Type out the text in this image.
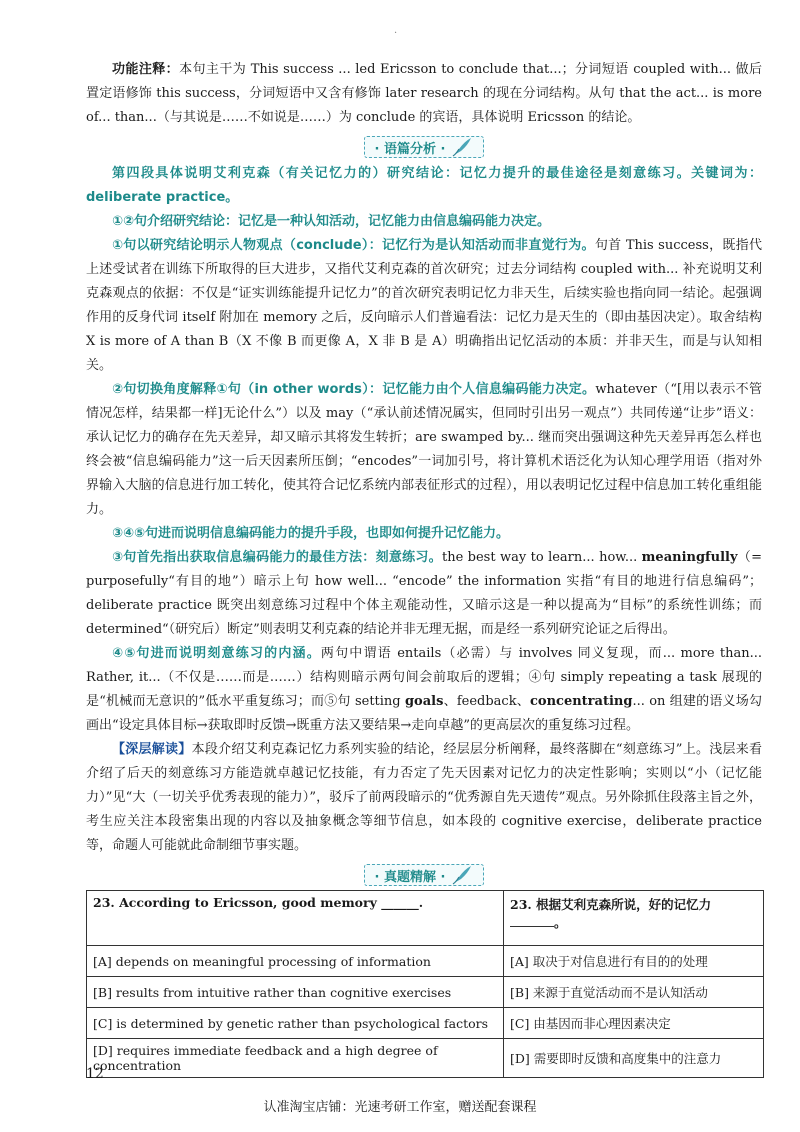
·

功能注释：本句主干为 This success ... led Ericsson to conclude that...；分词短语 coupled with... 做后置定语修饰 this success，分词短语中又含有修饰 later research 的现在分词结构。从句 that the act... is more of... than...（与其说是……不如说是……）为 conclude 的宾语，具体说明 Ericsson 的结论。

· 语篇分析 ·

第四段具体说明艾利克森（有关记忆力的）研究结论：记忆力提升的最佳途径是刻意练习。关键词为：deliberate practice。

①②句介绍研究结论：记忆是一种认知活动，记忆能力由信息编码能力决定。

①句以研究结论明示人物观点（conclude）：记忆行为是认知活动而非直觉行为。句首 This success，既指代上述受试者在训练下所取得的巨大进步，又指代艾利克森的首次研究；过去分词结构 coupled with... 补充说明艾利克森观点的依据：不仅是“证实训练能提升记忆力”的首次研究表明记忆力非天生，后续实验也指向同一结论。起强调作用的反身代词 itself 附加在 memory 之后，反向暗示人们普遍看法：记忆力是天生的（即由基因决定）。取舍结构 X is more of A than B（X 不像 B 而更像 A，X 非 B 是 A）明确指出记忆活动的本质：并非天生，而是与认知相关。

②句切换角度解释①句（in other words）：记忆能力由个人信息编码能力决定。whatever（“[用以表示不管情况怎样，结果都一样]无论什么”）以及 may（“承认前述情况属实，但同时引出另一观点”）共同传递“让步”语义：承认记忆力的确存在先天差异，却又暗示其将发生转折；are swamped by... 继而突出强调这种先天差异再怎么样也终会被“信息编码能力”这一后天因素所压倒；“encodes”一词加引号，将计算机术语泛化为认知心理学用语（指对外界输入大脑的信息进行加工转化，使其符合记忆系统内部表征形式的过程），用以表明记忆过程中信息加工转化重组能力。

③④⑤句进而说明信息编码能力的提升手段，也即如何提升记忆能力。

③句首先指出获取信息编码能力的最佳方法：刻意练习。the best way to learn... how... meaningfully（= purposefully“有目的地”）暗示上句 how well... “encode” the information 实指“有目的地进行信息编码”；deliberate practice 既突出刻意练习过程中个体主观能动性，又暗示这是一种以提高为“目标”的系统性训练；而 determined“（研究后）断定”则表明艾利克森的结论并非无理无据，而是经一系列研究论证之后得出。

④⑤句进而说明刻意练习的内涵。两句中谓语 entails（必需）与 involves 同义复现，而... more than... Rather, it...（不仅是……而是……）结构则暗示两句间会前取后的逻辑；④句 simply repeating a task 展现的是“机械而无意识的”低水平重复练习；而⑤句 setting goals、feedback、concentrating... on 组建的语义场勾画出“设定具体目标→获取即时反馈→既重方法又要结果→走向卓越”的更高层次的重复练习过程。

【深层解读】本段介绍艾利克森记忆力系列实验的结论，经层层分析阐释，最终落脚在“刻意练习”上。浅层来看介绍了后天的刻意练习方能造就卓越记忆技能，有力否定了先天因素对记忆力的决定性影响；实则以“小（记忆能力）”见“大（一切关乎优秀表现的能力）”，驳斥了前两段暗示的“优秀源自先天遗传”观点。另外除抓住段落主旨之外，考生应关注本段密集出现的内容以及抽象概念等细节信息，如本段的 cognitive exercise，deliberate practice 等，命题人可能就此命制细节事实题。

· 真题精解 ·
23. According to Ericsson, good memory ______.	23. 根据艾利克森所说，好的记忆力
。
[A] depends on meaningful processing of information	[A] 取决于对信息进行有目的的处理
[B] results from intuitive rather than cognitive exercises	[B] 来源于直觉活动而不是认知活动
[C] is determined by genetic rather than psychological factors	[C] 由基因而非心理因素决定
[D] requires immediate feedback and a high degree of concentration	[D] 需要即时反馈和高度集中的注意力
12
认准淘宝店铺：光速考研工作室，赠送配套课程
